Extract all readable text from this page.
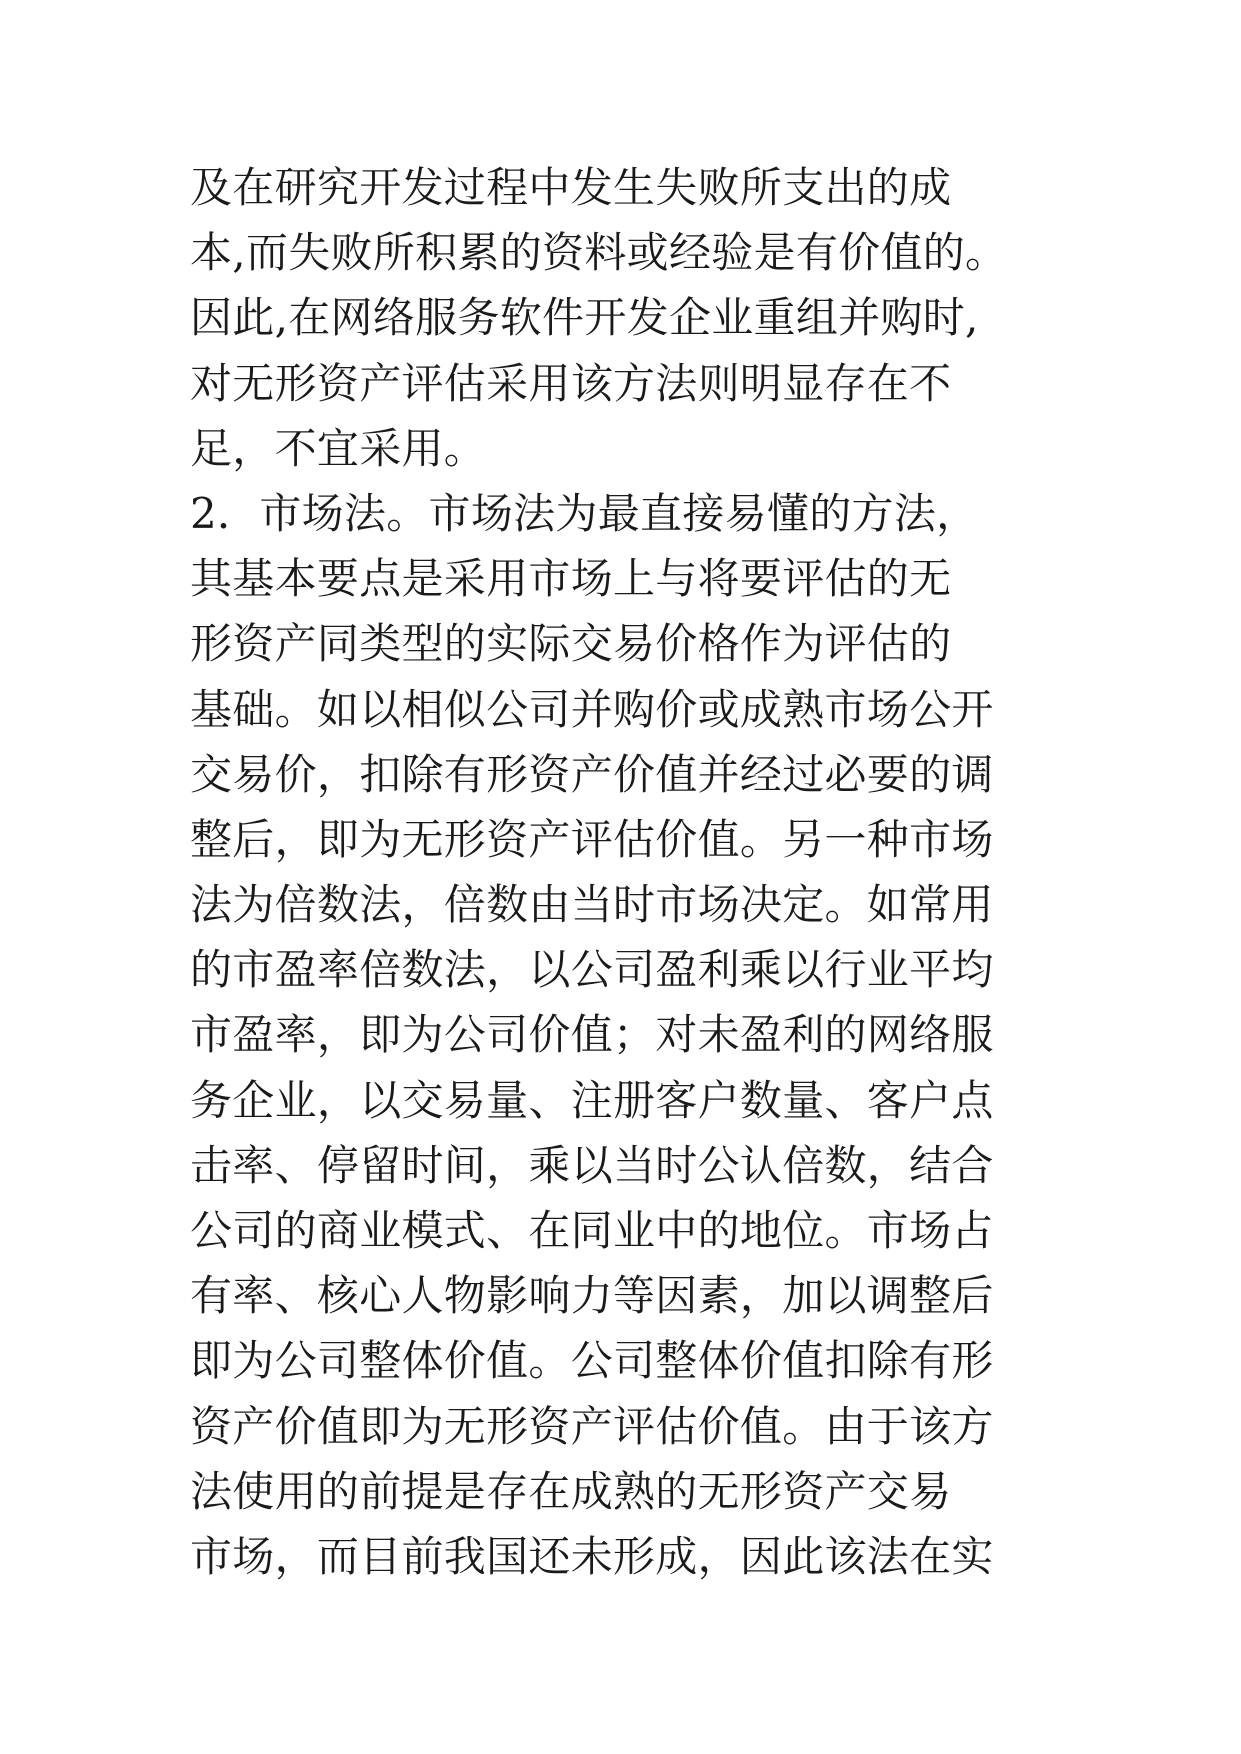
及在研究开发过程中发生失败所支出的成
本,而失败所积累的资料或经验是有价值的。
因此,在网络服务软件开发企业重组并购时,
对无形资产评估采用该方法则明显存在不
足，不宜采用。
2．市场法。市场法为最直接易懂的方法，
其基本要点是采用市场上与将要评估的无
形资产同类型的实际交易价格作为评估的
基础。如以相似公司并购价或成熟市场公开
交易价，扣除有形资产价值并经过必要的调
整后，即为无形资产评估价值。另一种市场
法为倍数法，倍数由当时市场决定。如常用
的市盈率倍数法，以公司盈利乘以行业平均
市盈率，即为公司价值；对未盈利的网络服
务企业，以交易量、注册客户数量、客户点
击率、停留时间，乘以当时公认倍数，结合
公司的商业模式、在同业中的地位。市场占
有率、核心人物影响力等因素，加以调整后
即为公司整体价值。公司整体价值扣除有形
资产价值即为无形资产评估价值。由于该方
法使用的前提是存在成熟的无形资产交易
市场，而目前我国还未形成，因此该法在实
